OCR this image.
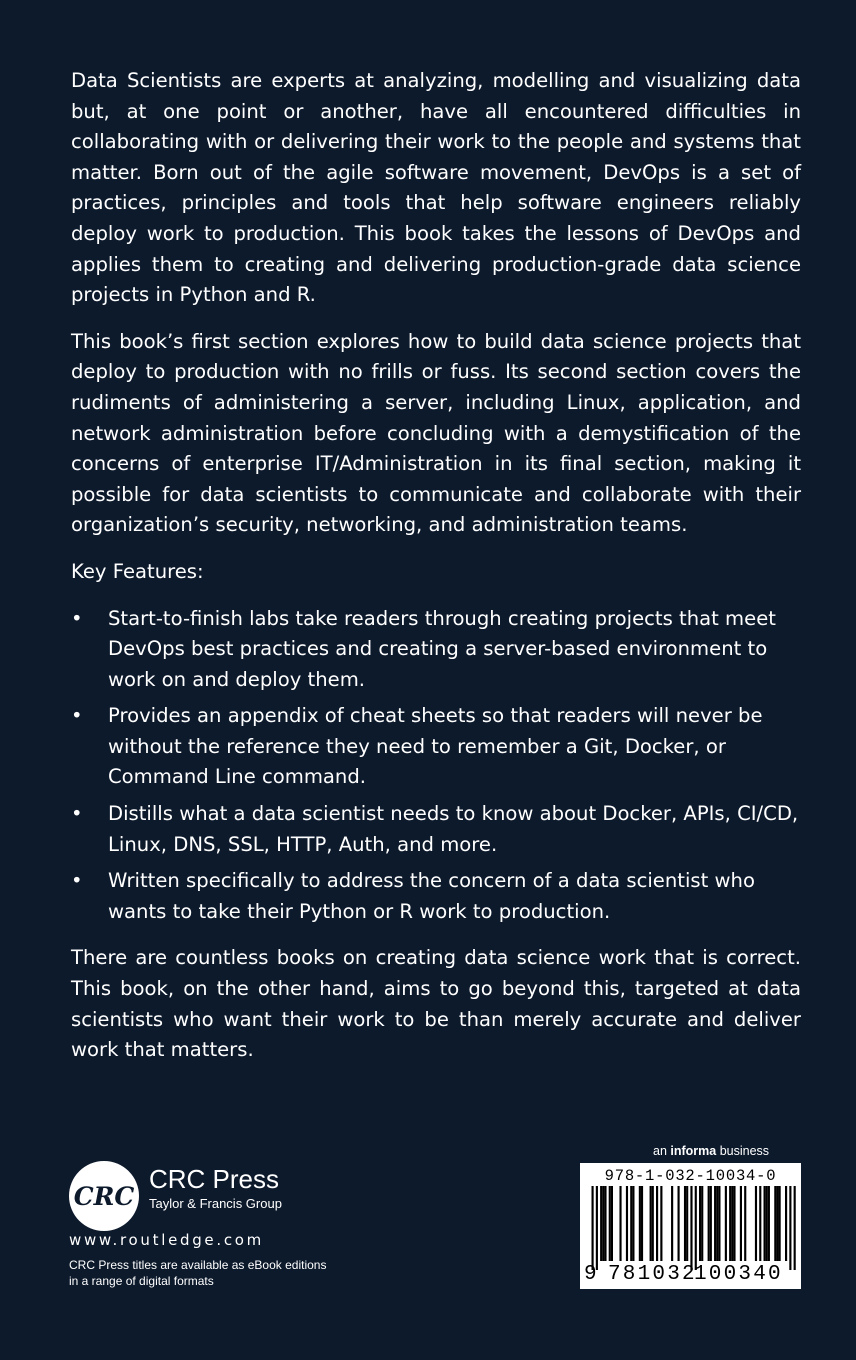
Data Scientists are experts at analyzing, modelling and visualizing data but, at one point or another, have all encountered difficulties in collaborating with or delivering their work to the people and systems that matter. Born out of the agile software movement, DevOps is a set of practices, principles and tools that help software engineers reliably deploy work to production. This book takes the lessons of DevOps and applies them to creating and delivering production-grade data science projects in Python and R.

This book’s first section explores how to build data science projects that deploy to production with no frills or fuss. Its second section covers the rudiments of administering a server, including Linux, application, and network administration before concluding with a demystification of the concerns of enterprise IT/Administration in its final section, making it possible for data scientists to communicate and collaborate with their organization’s security, networking, and administration teams.

Key Features:

• Start-to-finish labs take readers through creating projects that meet DevOps best practices and creating a server-based environment to work on and deploy them.
• Provides an appendix of cheat sheets so that readers will never be without the reference they need to remember a Git, Docker, or Command Line command.
• Distills what a data scientist needs to know about Docker, APIs, CI/CD, Linux, DNS, SSL, HTTP, Auth, and more.
• Written specifically to address the concern of a data scientist who wants to take their Python or R work to production.

There are countless books on creating data science work that is correct. This book, on the other hand, aims to go beyond this, targeted at data scientists who want their work to be than merely accurate and deliver work that matters.

an informa business
CRC
CRC Press
Taylor & Francis Group
www.routledge.com
CRC Press titles are available as eBook editions in a range of digital formats
978-1-032-10034-0
9 781032
100340
